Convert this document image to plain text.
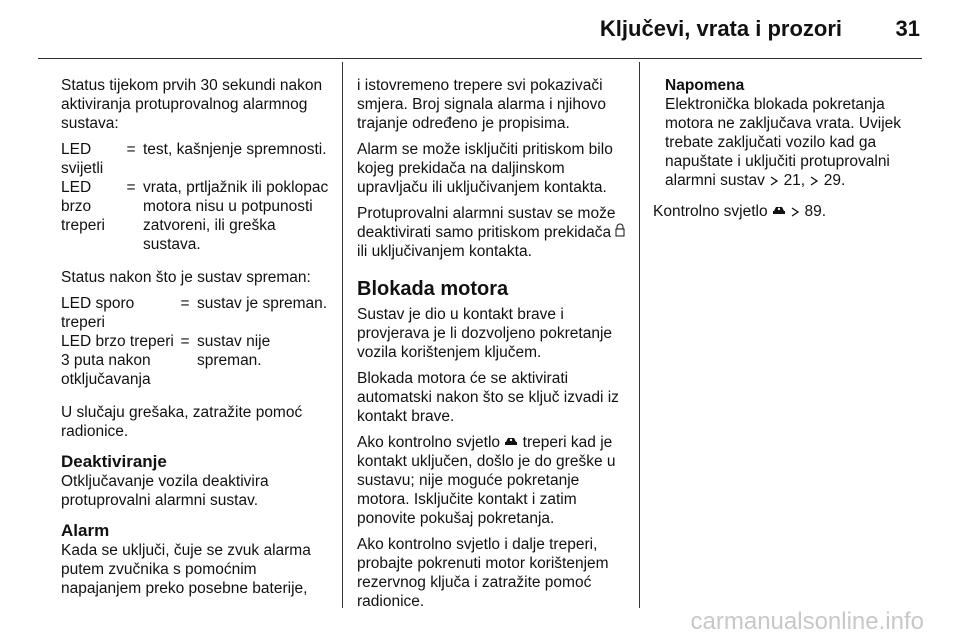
Ključevi, vrata i prozori 31

Status tijekom prvih 30 sekundi nakon aktiviranja protuprovalnog alarmnog sustava:

LED svijetli
= test, kašnjenje spremnosti.
LED brzo treperi
= vrata, prtljažnik ili poklopac motora nisu u potpunosti zatvoreni, ili greška sustava.

Status nakon što je sustav spreman:

LED sporo treperi
= sustav je spreman.
LED brzo treperi 3 puta nakon otključavanja
= sustav nije spreman.

U slučaju grešaka, zatražite pomoć radionice.

Deaktiviranje

Otključavanje vozila deaktivira protuprovalni alarmni sustav.

Alarm

Kada se uključi, čuje se zvuk alarma putem zvučnika s pomoćnim napajanjem preko posebne baterije,

i istovremeno trepere svi pokazivači smjera. Broj signala alarma i njihovo trajanje određeno je propisima.

Alarm se može isključiti pritiskom bilo kojeg prekidača na daljinskom upravljaču ili uključivanjem kontakta.

Protuprovalni alarmni sustav se može deaktivirati samo pritiskom prekidača  ili uključivanjem kontakta.

Blokada motora

Sustav je dio u kontakt brave i provjerava je li dozvoljeno pokretanje vozila korištenjem ključem.

Blokada motora će se aktivirati automatski nakon što se ključ izvadi iz kontakt brave.

Ako kontrolno svjetlo treperi kad je kontakt uključen, došlo je do greške u sustavu; nije moguće pokretanje motora. Isključite kontakt i zatim ponovite pokušaj pokretanja.

Ako kontrolno svjetlo i dalje treperi, probajte pokrenuti motor korištenjem rezervnog ključa i zatražite pomoć radionice.

Napomena
Elektronička blokada pokretanja motora ne zaključava vrata. Uvijek trebate zaključati vozilo kad ga napuštate i uključiti protuprovalni alarmni sustav 21, 29.

Kontrolno svjetlo 89.

carmanualsonline.info
